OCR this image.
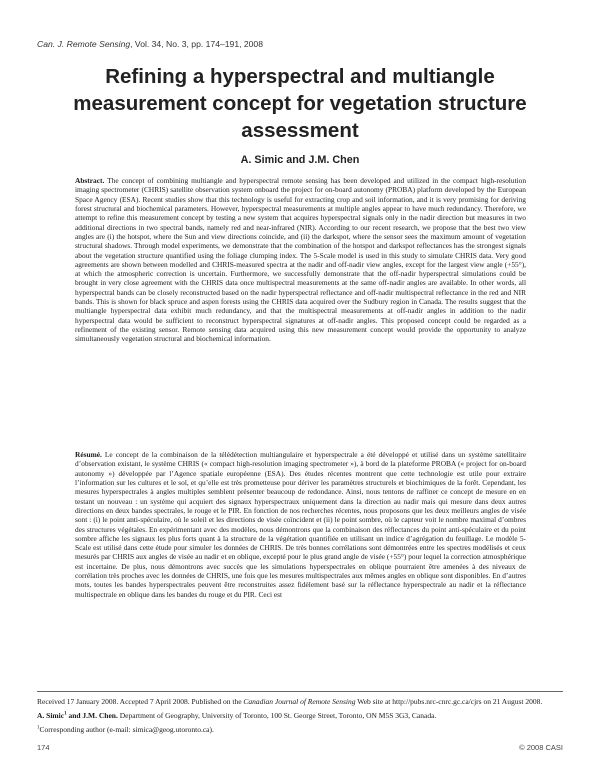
Can. J. Remote Sensing, Vol. 34, No. 3, pp. 174–191, 2008
Refining a hyperspectral and multiangle measurement concept for vegetation structure assessment
A. Simic and J.M. Chen

Abstract. The concept of combining multiangle and hyperspectral remote sensing has been developed and utilized in the compact high-resolution imaging spectrometer (CHRIS) satellite observation system onboard the project for on-board autonomy (PROBA) platform developed by the European Space Agency (ESA). Recent studies show that this technology is useful for extracting crop and soil information, and it is very promising for deriving forest structural and biochemical parameters. However, hyperspectral measurements at multiple angles appear to have much redundancy. Therefore, we attempt to refine this measurement concept by testing a new system that acquires hyperspectral signals only in the nadir direction but measures in two additional directions in two spectral bands, namely red and near-infrared (NIR). According to our recent research, we propose that the best two view angles are (i) the hotspot, where the Sun and view directions coincide, and (ii) the darkspot, where the sensor sees the maximum amount of vegetation structural shadows. Through model experiments, we demonstrate that the combination of the hotspot and darkspot reflectances has the strongest signals about the vegetation structure quantified using the foliage clumping index. The 5-Scale model is used in this study to simulate CHRIS data. Very good agreements are shown between modelled and CHRIS-measured spectra at the nadir and off-nadir view angles, except for the largest view angle (+55°), at which the atmospheric correction is uncertain. Furthermore, we successfully demonstrate that the off-nadir hyperspectral simulations could be brought in very close agreement with the CHRIS data once multispectral measurements at the same off-nadir angles are available. In other words, all hyperspectral bands can be closely reconstructed based on the nadir hyperspectral reflectance and off-nadir multispectral reflectance in the red and NIR bands. This is shown for black spruce and aspen forests using the CHRIS data acquired over the Sudbury region in Canada. The results suggest that the multiangle hyperspectral data exhibit much redundancy, and that the multispectral measurements at off-nadir angles in addition to the nadir hyperspectral data would be sufficient to reconstruct hyperspectral signatures at off-nadir angles. This proposed concept could be regarded as a refinement of the existing sensor. Remote sensing data acquired using this new measurement concept would provide the opportunity to analyze simultaneously vegetation structural and biochemical information.

Résumé. Le concept de la combinaison de la télédétection multiangulaire et hyperspectrale a été développé et utilisé dans un système satellitaire d’observation existant, le système CHRIS (« compact high-resolution imaging spectrometer »), à bord de la plateforme PROBA (« project for on-board autonomy ») développée par l’Agence spatiale européenne (ESA). Des études récentes montrent que cette technologie est utile pour extraire l’information sur les cultures et le sol, et qu’elle est très prometteuse pour dériver les paramètres structurels et biochimiques de la forêt. Cependant, les mesures hyperspectrales à angles multiples semblent présenter beaucoup de redondance. Ainsi, nous tentons de raffiner ce concept de mesure en en testant un nouveau : un système qui acquiert des signaux hyperspectraux uniquement dans la direction au nadir mais qui mesure dans deux autres directions en deux bandes spectrales, le rouge et le PIR. En fonction de nos recherches récentes, nous proposons que les deux meilleurs angles de visée sont : (i) le point anti-spéculaire, où le soleil et les directions de visée coïncident et (ii) le point sombre, où le capteur voit le nombre maximal d’ombres des structures végétales. En expérimentant avec des modèles, nous démontrons que la combinaison des réflectances du point anti-spéculaire et du point sombre affiche les signaux les plus forts quant à la structure de la végétation quantifiée en utilisant un indice d’agrégation du feuillage. Le modèle 5-Scale est utilisé dans cette étude pour simuler les données de CHRIS. De très bonnes corrélations sont démontrées entre les spectres modélisés et ceux mesurés par CHRIS aux angles de visée au nadir et en oblique, excepté pour le plus grand angle de visée (+55°) pour lequel la correction atmosphérique est incertaine. De plus, nous démontrons avec succès que les simulations hyperspectrales en oblique pourraient être amenées à des niveaux de corrélation très proches avec les données de CHRIS, une fois que les mesures multispectrales aux mêmes angles en oblique sont disponibles. En d’autres mots, toutes les bandes hyperspectrales peuvent être reconstruites assez fidèlement basé sur la réflectance hyperspectrale au nadir et la réflectance multispectrale en oblique dans les bandes du rouge et du PIR. Ceci est

Received 17 January 2008. Accepted 7 April 2008. Published on the Canadian Journal of Remote Sensing Web site at http://pubs.nrc-cnrc.gc.ca/cjrs on 21 August 2008.

A. Simic$^1$ and J.M. Chen. Department of Geography, University of Toronto, 100 St. George Street, Toronto, ON M5S 3G3, Canada.

$^1$Corresponding author (e-mail: simica@geog.utoronto.ca).

174	© 2008 CASI
